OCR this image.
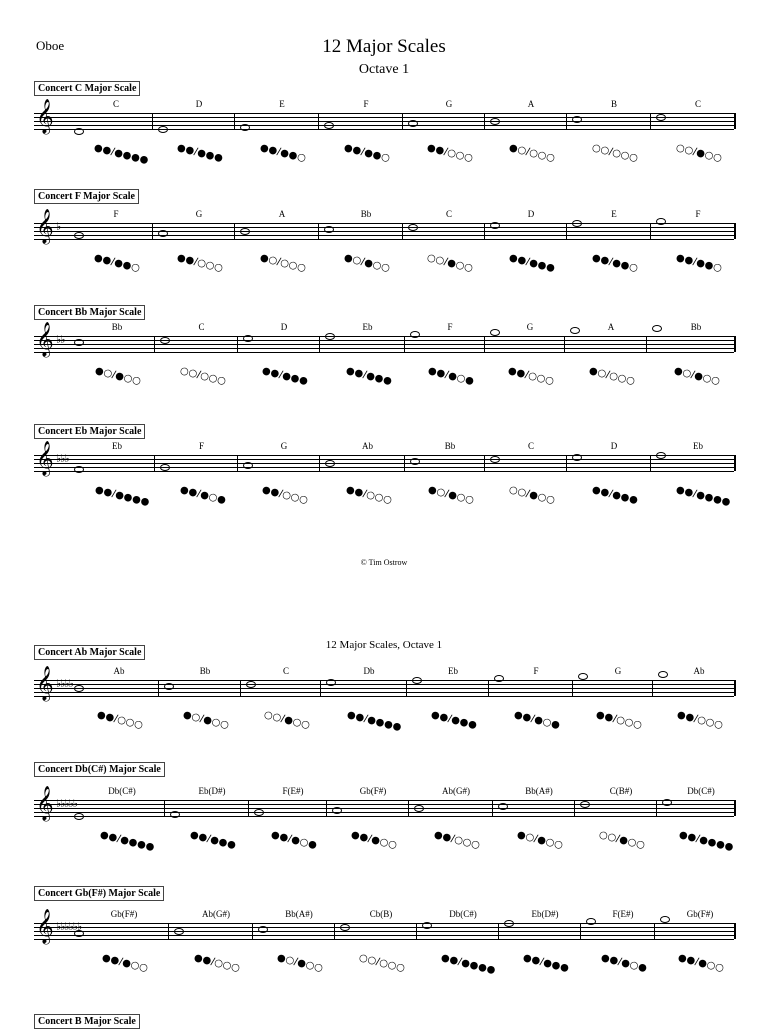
Oboe	12 Major Scales
Octave 1
© Tim Ostrow
12 Major Scales, Octave 1
Concert C Major Scale
𝄞	C
●●/●●●●
D
●●/●●●
E
●●/●●○
F
●●/●●○
G
●●/○○○
A
●○/○○○
B
○○/○○○
C
○○/●○○
Concert F Major Scale
𝄞 ♭
F
●●/●●○
G
●●/○○○
A
●○/○○○
Bb
●○/●○○
C
○○/●○○
D
●●/●●●
E
●●/●●○
F
●●/●●○
Concert Bb Major Scale
𝄞 ♭♭
Bb
●○/●○○
C
○○/○○○
D
●●/●●●
Eb
●●/●●●
F
●●/●○●
G
●●/○○○
A
●○/○○○
Bb
●○/●○○
Concert Eb Major Scale
𝄞 ♭♭♭
Eb
●●/●●●●
F
●●/●○●
G
●●/○○○
Ab
●●/○○○
Bb
●○/●○○
C
○○/●○○
D
●●/●●●
Eb
●●/●●●●
Concert Ab Major Scale
𝄞 ♭♭♭♭
Ab
●●/○○○
Bb
●○/●○○
C
○○/●○○
Db
●●/●●●●
Eb
●●/●●●
F
●●/●○●
G
●●/○○○
Ab
●●/○○○
Concert Db(C#) Major Scale
𝄞 ♭♭♭♭♭
Db(C#)
●●/●●●●
Eb(D#)
●●/●●●
F(E#)
●●/●○●
Gb(F#)
●●/●○○
Ab(G#)
●●/○○○
Bb(A#)
●○/●○○
C(B#)
○○/●○○
Db(C#)
●●/●●●●
Concert Gb(F#) Major Scale
𝄞 ♭♭♭♭♭♭
Gb(F#)
●●/●○○
Ab(G#)
●●/○○○
Bb(A#)
●○/●○○
Cb(B)
○○/○○○
Db(C#)
●●/●●●●
Eb(D#)
●●/●●●
F(E#)
●●/●○●
Gb(F#)
●●/●○○
Concert B Major Scale
